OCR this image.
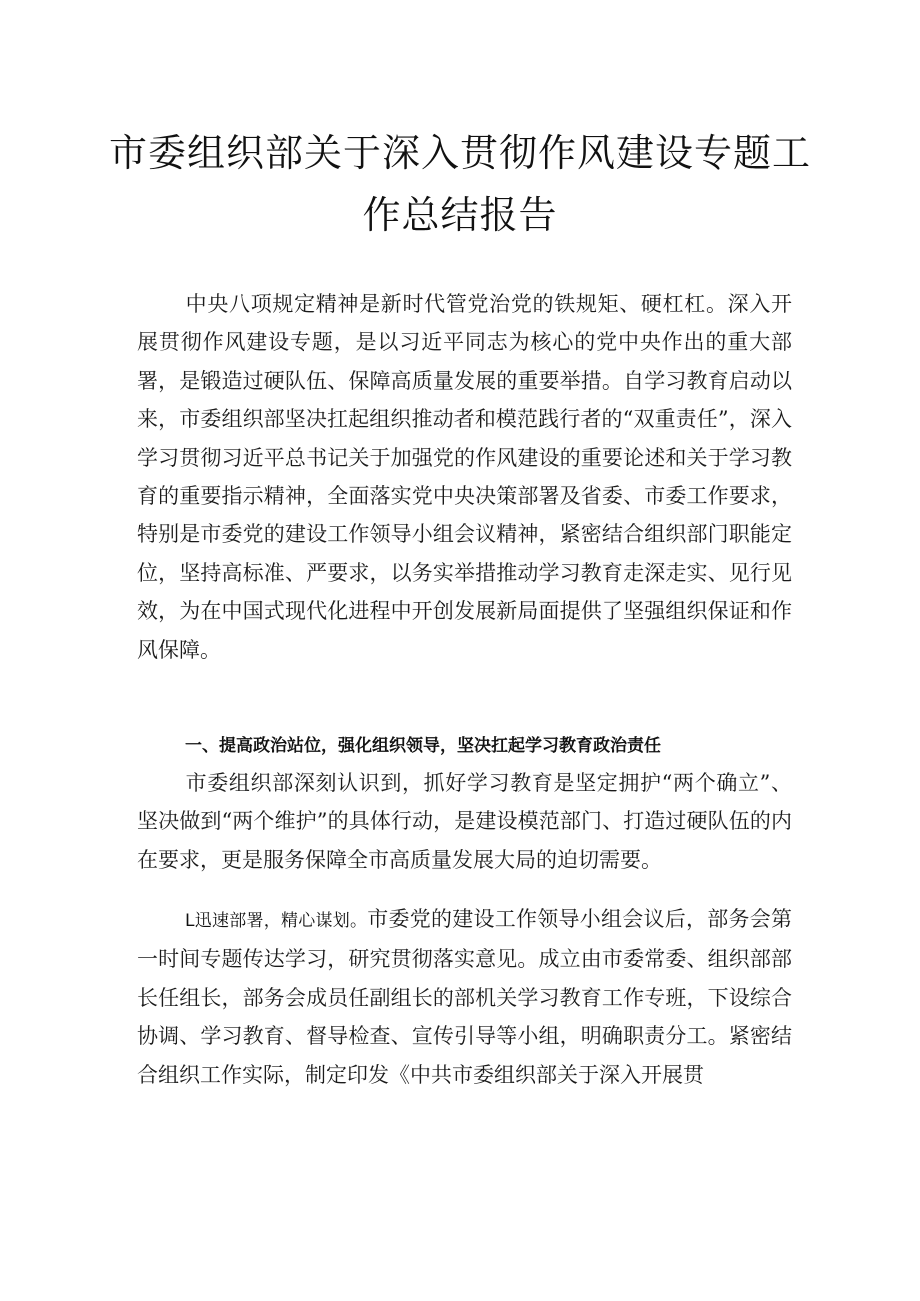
市委组织部关于深入贯彻作风建设专题工
作总结报告

中央八项规定精神是新时代管党治党的铁规矩、硬杠杠。深入开展贯彻作风建设专题，是以习近平同志为核心的党中央作出的重大部署，是锻造过硬队伍、保障高质量发展的重要举措。自学习教育启动以来，市委组织部坚决扛起组织推动者和模范践行者的“双重责任”，深入学习贯彻习近平总书记关于加强党的作风建设的重要论述和关于学习教育的重要指示精神，全面落实党中央决策部署及省委、市委工作要求，特别是市委党的建设工作领导小组会议精神，紧密结合组织部门职能定位，坚持高标准、严要求，以务实举措推动学习教育走深走实、见行见效，为在中国式现代化进程中开创发展新局面提供了坚强组织保证和作风保障。

一、提高政治站位，强化组织领导，坚决扛起学习教育政治责任

市委组织部深刻认识到，抓好学习教育是坚定拥护“两个确立”、坚决做到“两个维护”的具体行动，是建设模范部门、打造过硬队伍的内在要求，更是服务保障全市高质量发展大局的迫切需要。

L迅速部署，精心谋划。市委党的建设工作领导小组会议后，部务会第一时间专题传达学习，研究贯彻落实意见。成立由市委常委、组织部部长任组长，部务会成员任副组长的部机关学习教育工作专班，下设综合协调、学习教育、督导检查、宣传引导等小组，明确职责分工。紧密结合组织工作实际，制定印发《中共市委组织部关于深入开展贯
